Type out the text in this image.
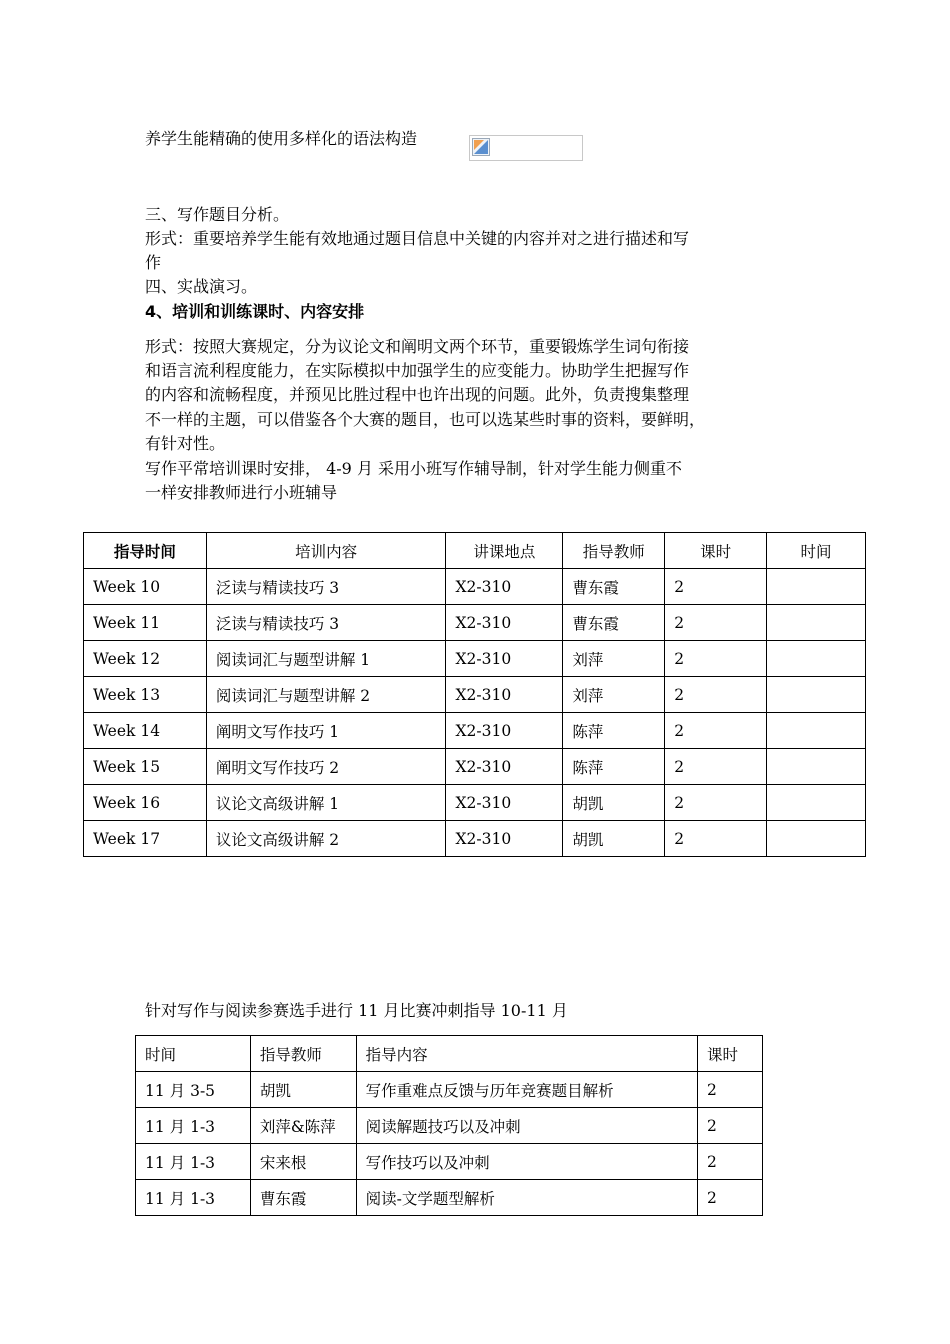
养学生能精确的使用多样化的语法构造
三、写作题目分析。
形式：重要培养学生能有效地通过题目信息中关键的内容并对之进行描述和写
作
四、实战演习。
4、培训和训练课时、内容安排
形式：按照大赛规定，分为议论文和阐明文两个环节，重要锻炼学生词句衔接
和语言流利程度能力，在实际模拟中加强学生的应变能力。协助学生把握写作
的内容和流畅程度，并预见比胜过程中也许出现的问题。此外，负责搜集整理
不一样的主题，可以借鉴各个大赛的题目，也可以选某些时事的资料，要鲜明，
有针对性。
写作平常培训课时安排， 4-9 月 采用小班写作辅导制，针对学生能力侧重不
一样安排教师进行小班辅导
指导时间	培训内容	讲课地点	指导教师	课时	时间
Week 10	泛读与精读技巧 3	X2-310	曹东霞	2	
Week 11	泛读与精读技巧 3	X2-310	曹东霞	2	
Week 12	阅读词汇与题型讲解 1	X2-310	刘萍	2	
Week 13	阅读词汇与题型讲解 2	X2-310	刘萍	2	
Week 14	阐明文写作技巧 1	X2-310	陈萍	2	
Week 15	阐明文写作技巧 2	X2-310	陈萍	2	
Week 16	议论文高级讲解 1	X2-310	胡凯	2	
Week 17	议论文高级讲解 2	X2-310	胡凯	2	
针对写作与阅读参赛选手进行 11 月比赛冲刺指导 10-11 月
时间	指导教师	指导内容	课时
11 月 3-5	胡凯	写作重难点反馈与历年竞赛题目解析	2
11 月 1-3	刘萍&陈萍	阅读解题技巧以及冲刺	2
11 月 1-3	宋来根	写作技巧以及冲刺	2
11 月 1-3	曹东霞	阅读-文学题型解析	2
